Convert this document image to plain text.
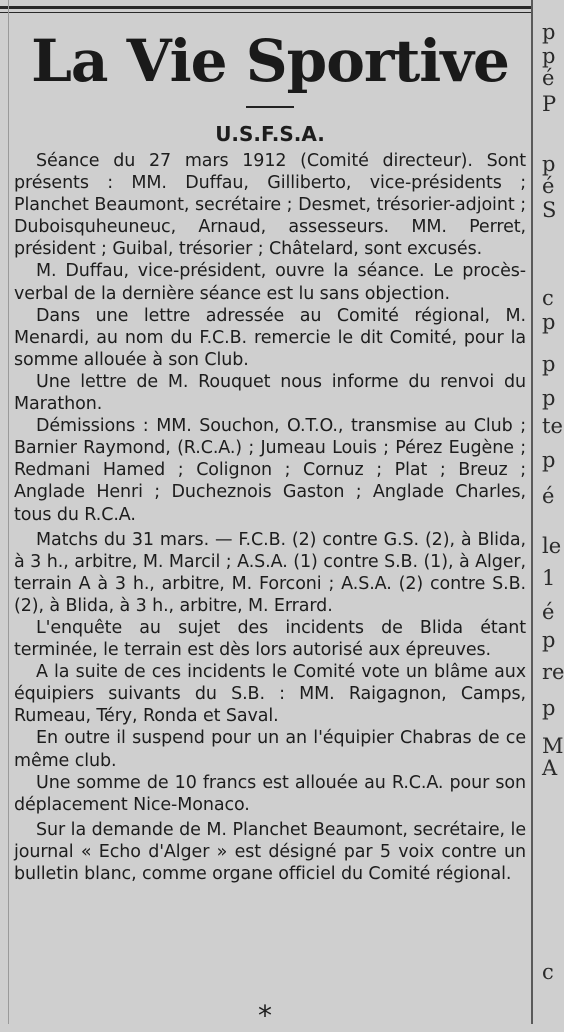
p
p
é
P
p
é
S
c
p
p
p
te
p
é
le
1
é
p
re
p
M
A
c
La Vie Sportive
U.S.F.S.A.

Séance du 27 mars 1912 (Comité directeur). Sont présents : MM. Duffau, Gilliberto, vice-présidents ; Planchet Beaumont, secrétaire ; Desmet, trésorier-adjoint ; Duboisquheuneuc, Arnaud, assesseurs. MM. Perret, président ; Guibal, trésorier ; Châtelard, sont excusés.

M. Duffau, vice-président, ouvre la séance. Le procès-verbal de la dernière séance est lu sans objection.

Dans une lettre adressée au Comité régional, M. Menardi, au nom du F.C.B. remercie le dit Comité, pour la somme allouée à son Club.

Une lettre de M. Rouquet nous informe du renvoi du Marathon.

Démissions : MM. Souchon, O.T.O., transmise au Club ; Barnier Raymond, (R.C.A.) ; Jumeau Louis ; Pérez Eugène ; Redmani Hamed ; Colignon ; Cornuz ; Plat ; Breuz ; Anglade Henri ; Ducheznois Gaston ; Anglade Charles, tous du R.C.A.

Matchs du 31 mars. — F.C.B. (2) contre G.S. (2), à Blida, à 3 h., arbitre, M. Marcil ; A.S.A. (1) contre S.B. (1), à Alger, terrain A à 3 h., arbitre, M. Forconi ; A.S.A. (2) contre S.B. (2), à Blida, à 3 h., arbitre, M. Errard.

L'enquête au sujet des incidents de Blida étant terminée, le terrain est dès lors autorisé aux épreuves.

A la suite de ces incidents le Comité vote un blâme aux équipiers suivants du S.B. : MM. Raigagnon, Camps, Rumeau, Téry, Ronda et Saval.

En outre il suspend pour un an l'équipier Chabras de ce même club.

Une somme de 10 francs est allouée au R.C.A. pour son déplacement Nice-Monaco.

Sur la demande de M. Planchet Beaumont, secrétaire, le journal « Echo d'Alger » est désigné par 5 voix contre un bulletin blanc, comme organe officiel du Comité régional.

*
